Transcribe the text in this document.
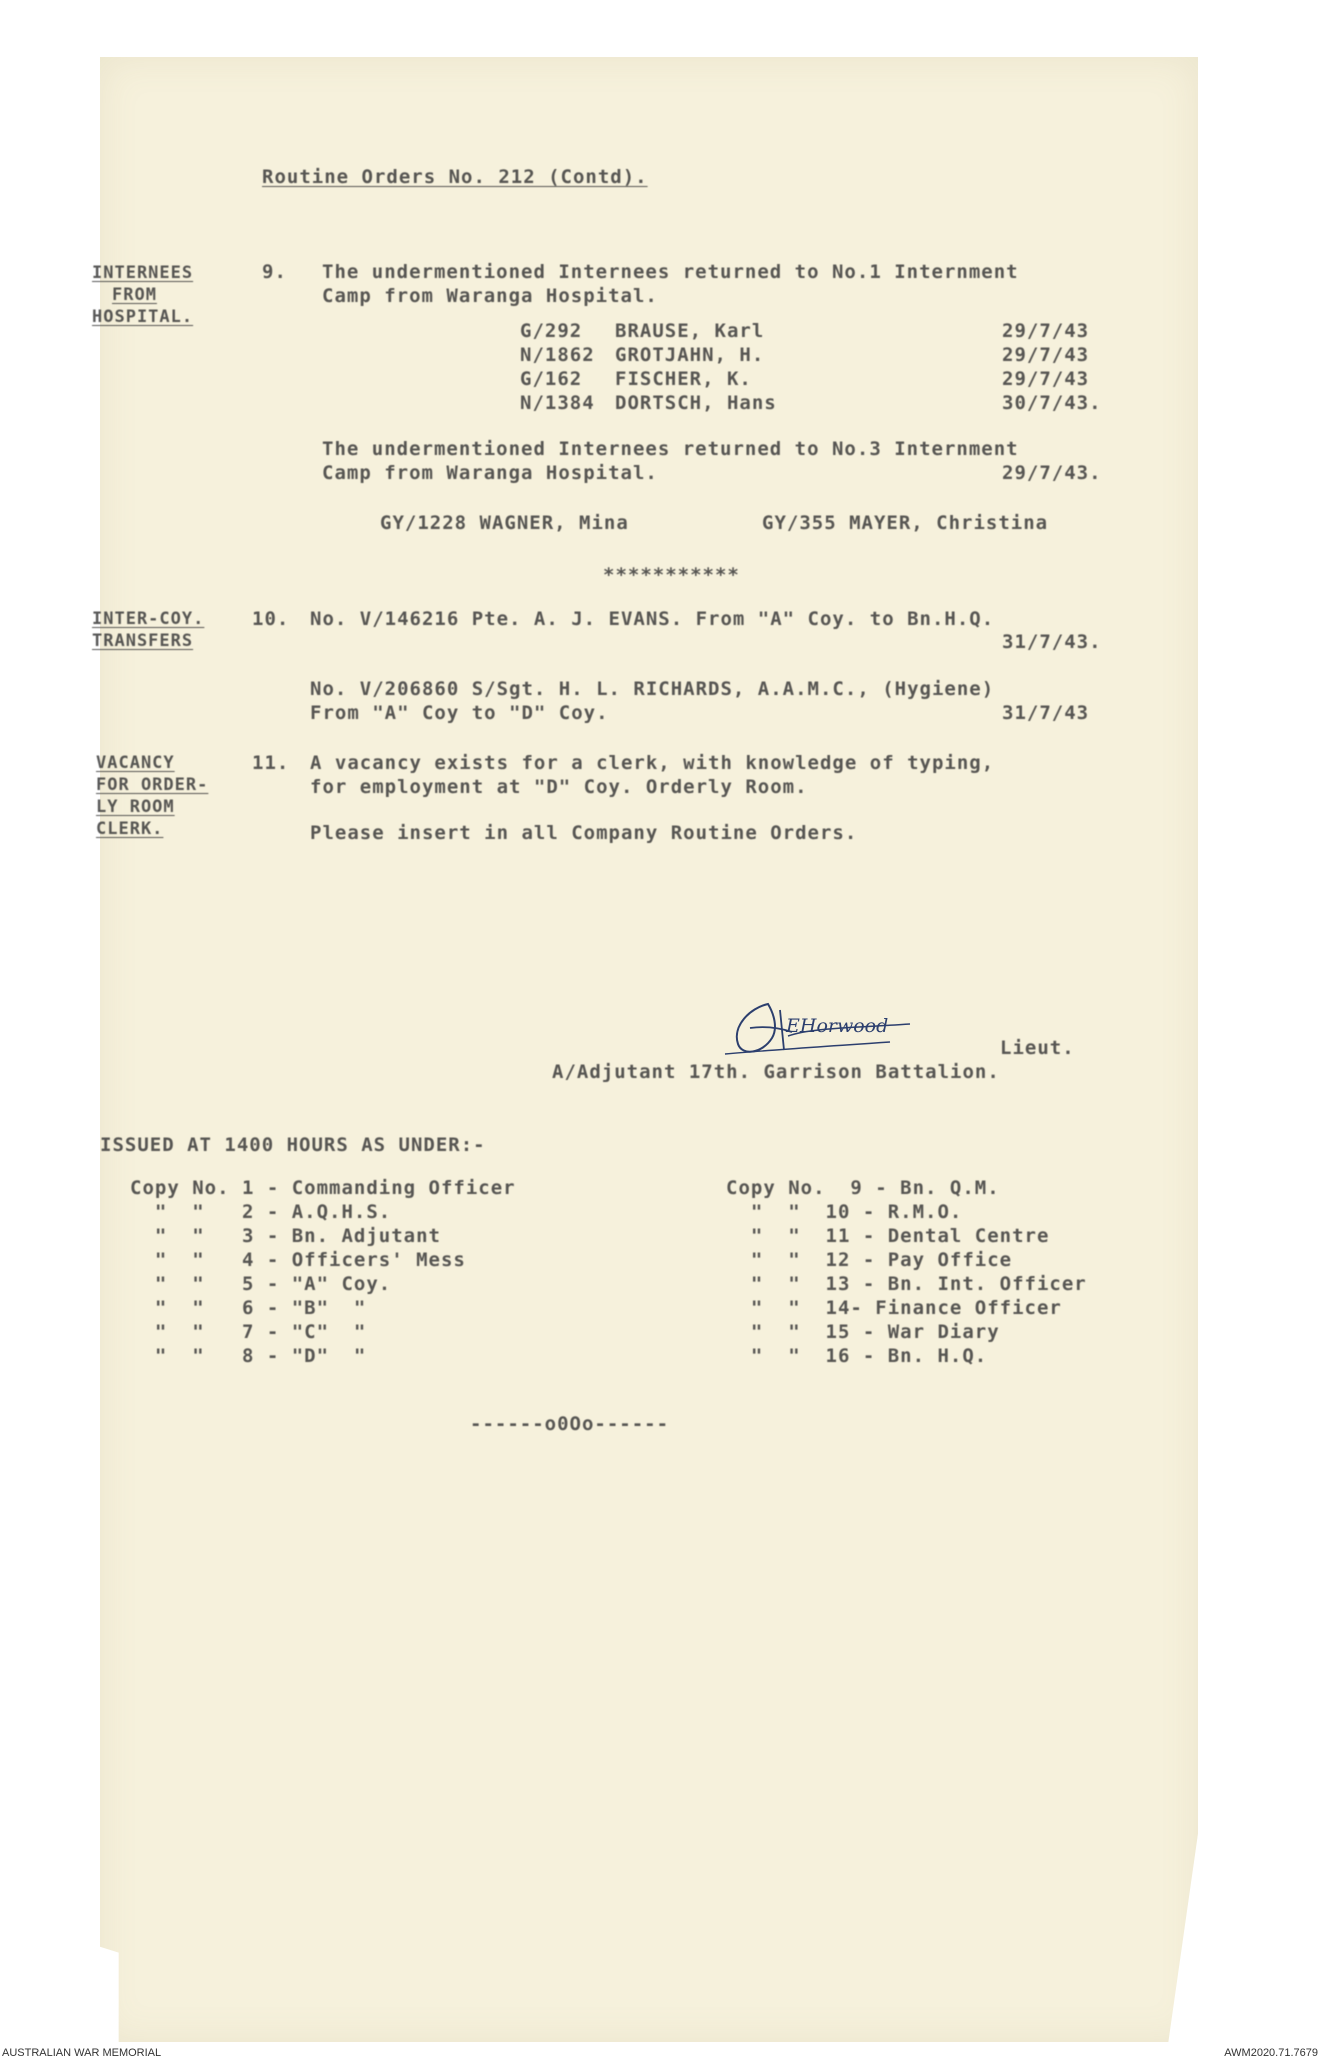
Routine Orders No. 212 (Contd).
INTERNEES
FROM
HOSPITAL.
9. The undermentioned Internees returned to No.1 Internment
Camp from Waranga Hospital.
G/292 BRAUSE, Karl	29/7/43
N/1862 GROTJAHN, H.	29/7/43
G/162 FISCHER, K.	29/7/43
N/1384 DORTSCH, Hans	30/7/43.
The undermentioned Internees returned to No.3 Internment
Camp from Waranga Hospital.	29/7/43.
GY/1228 WAGNER, Mina	GY/355 MAYER, Christina
***********
INTER-COY.
TRANSFERS
10. No. V/146216 Pte. A. J. EVANS. From "A" Coy. to Bn.H.Q.
31/7/43.
No. V/206860 S/Sgt. H. L. RICHARDS, A.A.M.C., (Hygiene)
From "A" Coy to "D" Coy.	31/7/43
VACANCY
FOR ORDER-
LY ROOM
CLERK.
11. A vacancy exists for a clerk, with knowledge of typing,
for employment at "D" Coy. Orderly Room.
Please insert in all Company Routine Orders.
EHorwood
Lieut.
A/Adjutant 17th. Garrison Battalion.
ISSUED AT 1400 HOURS AS UNDER:-
Copy No. 1 - Commanding Officer
"  "   2 - A.Q.H.S.
"  "   3 - Bn. Adjutant
"  "   4 - Officers' Mess
"  "   5 - "A" Coy.
"  "   6 - "B"  "
"  "   7 - "C"  "
"  "   8 - "D"  "
Copy No.  9 - Bn. Q.M.
"  "  10 - R.M.O.
"  "  11 - Dental Centre
"  "  12 - Pay Office
"  "  13 - Bn. Int. Officer
"  "  14- Finance Officer
"  "  15 - War Diary
"  "  16 - Bn. H.Q.
------o0Oo------
AUSTRALIAN WAR MEMORIAL	AWM2020.71.7679
